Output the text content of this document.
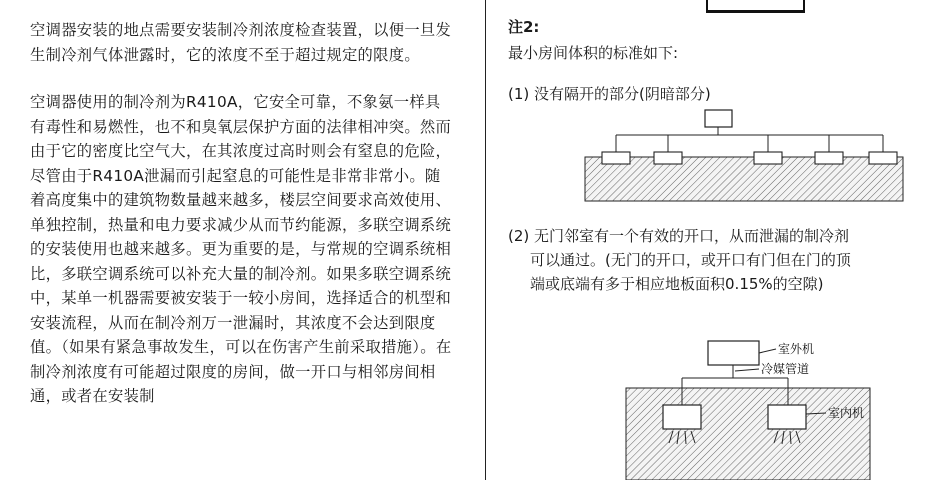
空调器安装的地点需要安装制冷剂浓度检查装置，以便一旦发生制冷剂气体泄露时，它的浓度不至于超过规定的限度。

空调器使用的制冷剂为R410A，它安全可靠，不象氨一样具有毒性和易燃性，也不和臭氧层保护方面的法律相冲突。然而由于它的密度比空气大，在其浓度过高时则会有窒息的危险，尽管由于R410A泄漏而引起窒息的可能性是非常非常小。随着高度集中的建筑物数量越来越多，楼层空间要求高效使用、单独控制，热量和电力要求减少从而节约能源，多联空调系统的安装使用也越来越多。更为重要的是，与常规的空调系统相比，多联空调系统可以补充大量的制冷剂。如果多联空调系统中，某单一机器需要被安装于一较小房间，选择适合的机型和安装流程，从而在制冷剂万一泄漏时，其浓度不会达到限度值。（如果有紧急事故发生，可以在伤害产生前采取措施）。在制冷剂浓度有可能超过限度的房间，做一开口与相邻房间相通，或者在安装制

注2:
最小房间体积的标准如下:
(1) 没有隔开的部分(阴暗部分)
(2) 无门邻室有一个有效的开口，从而泄漏的制冷剂
可以通过。(无门的开口，或开口有门但在门的顶
端或底端有多于相应地板面积0.15%的空隙)
室外机
冷媒管道
室内机
